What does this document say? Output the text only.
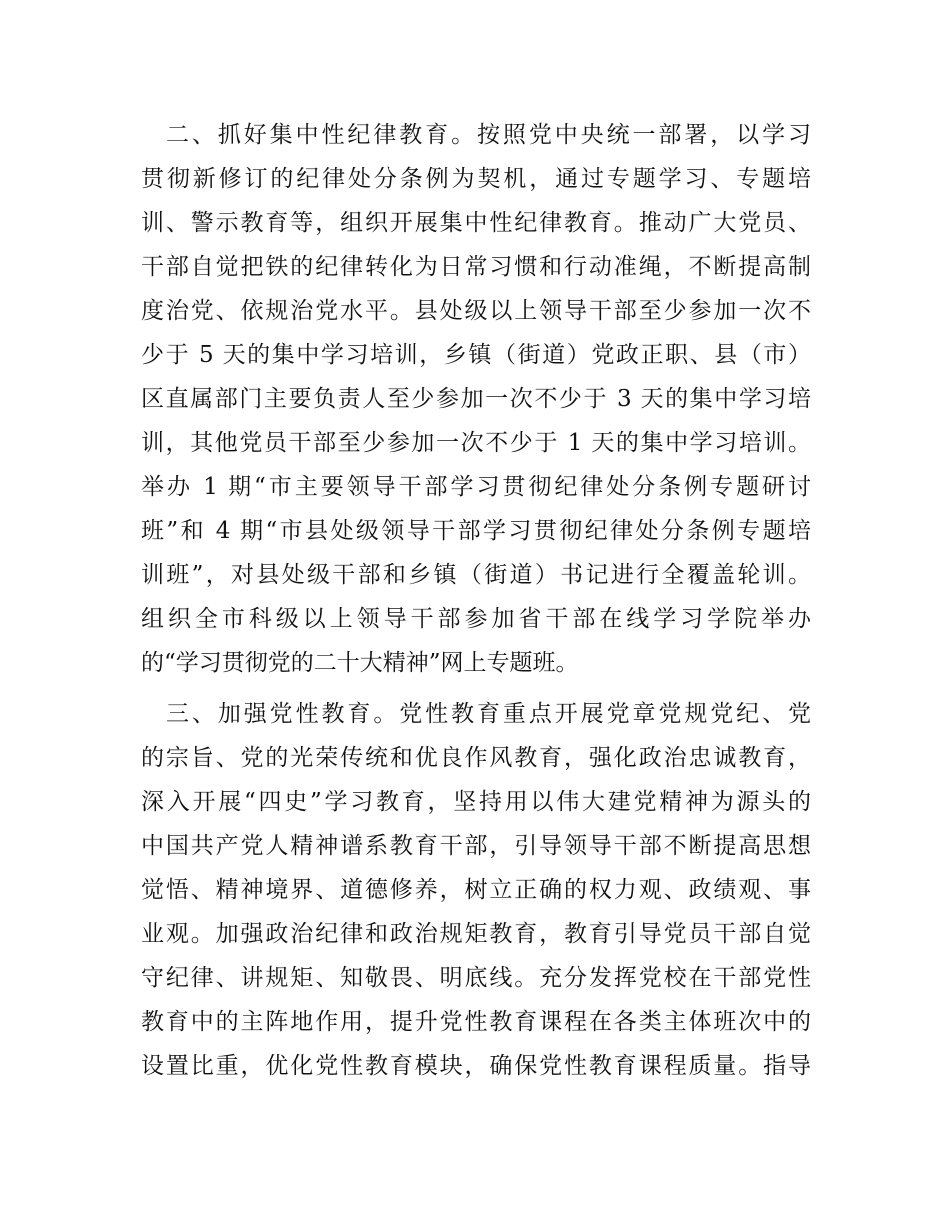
二、抓好集中性纪律教育。按照党中央统一部署，以学习
贯彻新修订的纪律处分条例为契机，通过专题学习、专题培
训、警示教育等，组织开展集中性纪律教育。推动广大党员、
干部自觉把铁的纪律转化为日常习惯和行动准绳，不断提高制
度治党、依规治党水平。县处级以上领导干部至少参加一次不
少于 5 天的集中学习培训，乡镇（街道）党政正职、县（市）
区直属部门主要负责人至少参加一次不少于 3 天的集中学习培
训，其他党员干部至少参加一次不少于 1 天的集中学习培训。
举办 1 期“市主要领导干部学习贯彻纪律处分条例专题研讨
班”和 4 期“市县处级领导干部学习贯彻纪律处分条例专题培
训班”，对县处级干部和乡镇（街道）书记进行全覆盖轮训。
组织全市科级以上领导干部参加省干部在线学习学院举办
的“学习贯彻党的二十大精神”网上专题班。

三、加强党性教育。党性教育重点开展党章党规党纪、党
的宗旨、党的光荣传统和优良作风教育，强化政治忠诚教育，
深入开展“四史”学习教育，坚持用以伟大建党精神为源头的
中国共产党人精神谱系教育干部，引导领导干部不断提高思想
觉悟、精神境界、道德修养，树立正确的权力观、政绩观、事
业观。加强政治纪律和政治规矩教育，教育引导党员干部自觉
守纪律、讲规矩、知敬畏、明底线。充分发挥党校在干部党性
教育中的主阵地作用，提升党性教育课程在各类主体班次中的
设置比重，优化党性教育模块，确保党性教育课程质量。指导
